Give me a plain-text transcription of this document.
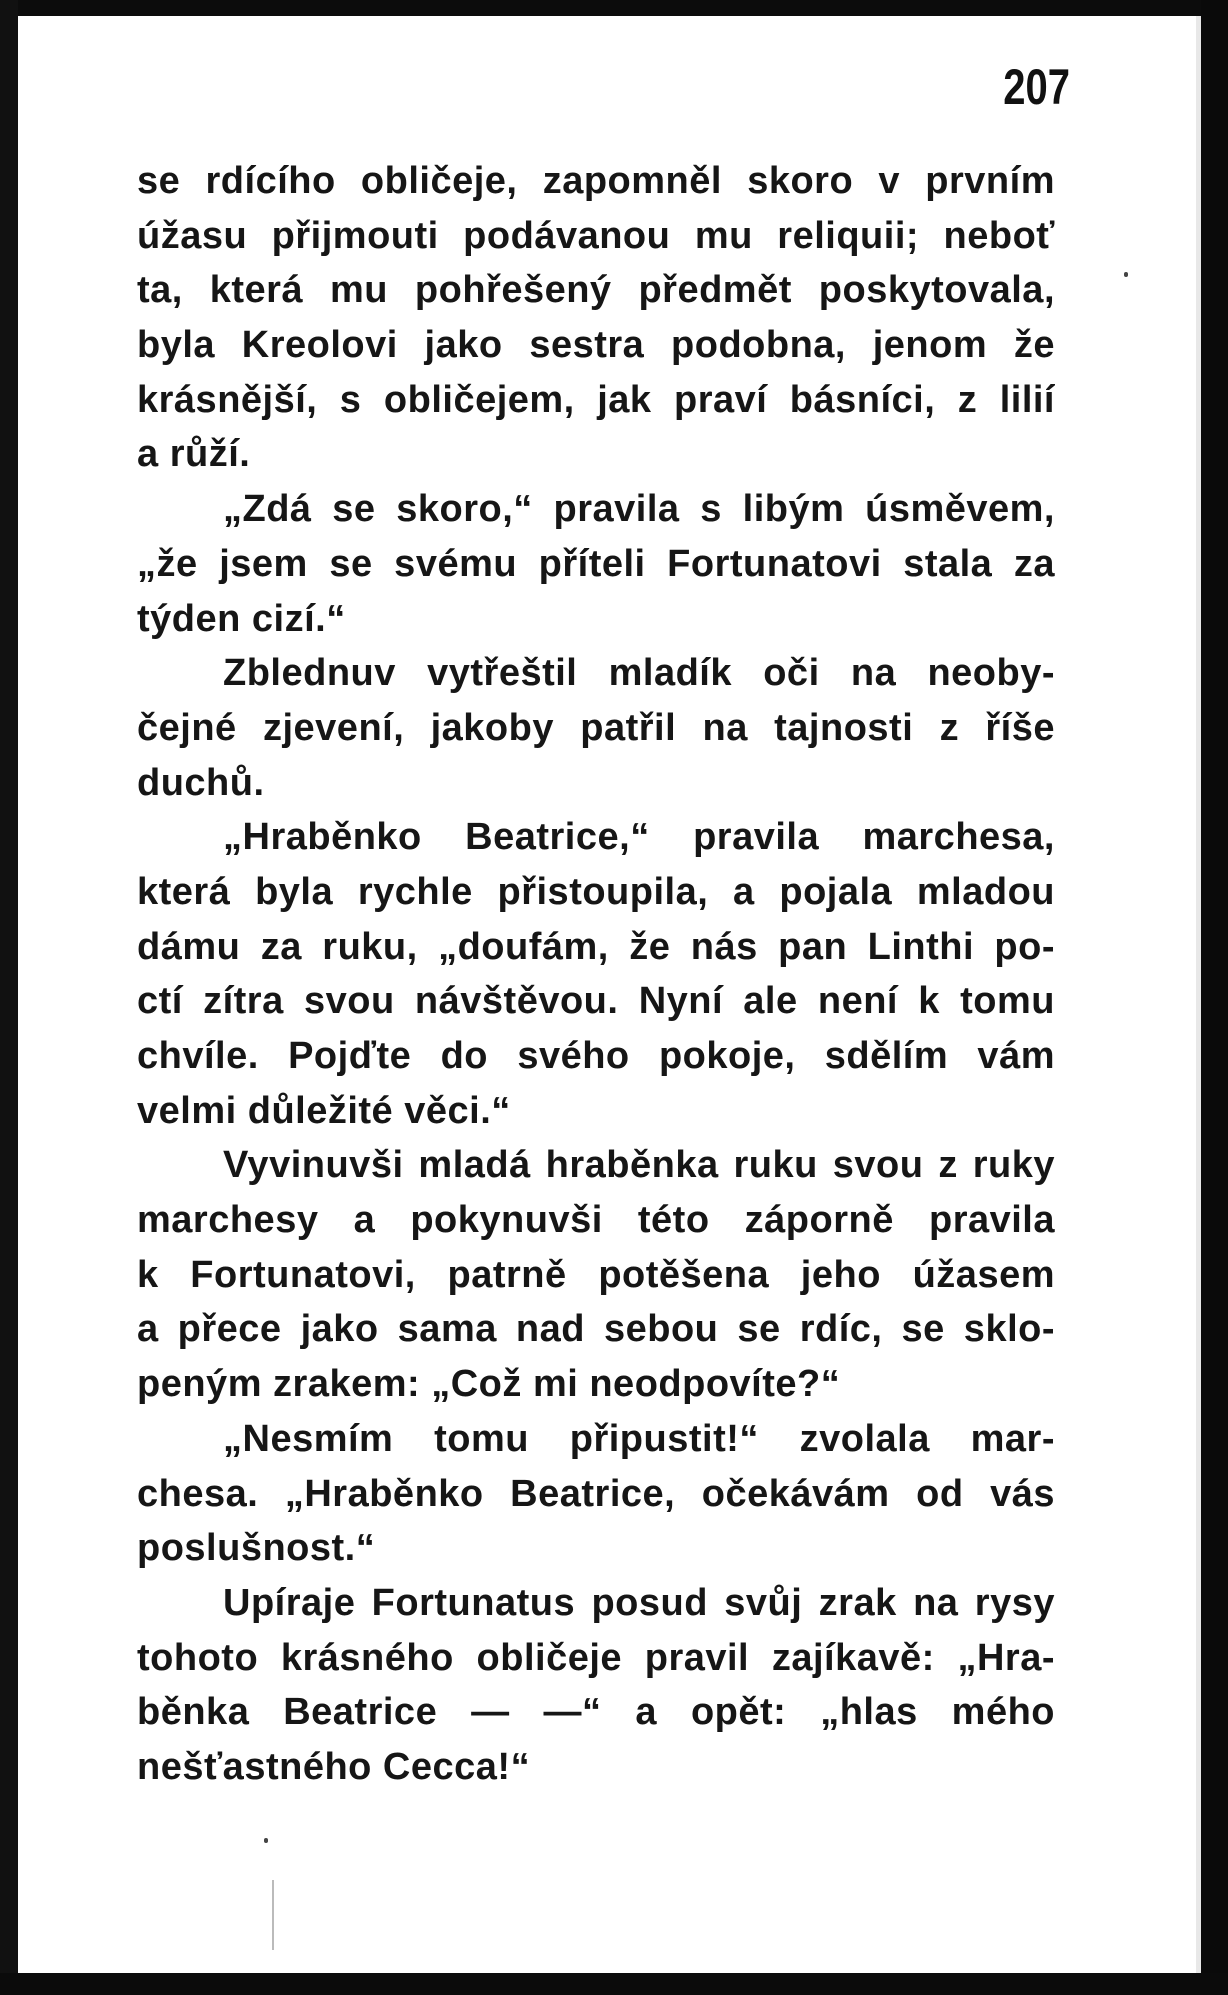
207
se rdícího obličeje, zapomněl skoro v prvním
úžasu přijmouti podávanou mu reliquii; neboť
ta, která mu pohřešený předmět poskytovala,
byla Kreolovi jako sestra podobna, jenom že
krásnější, s obličejem, jak praví básníci, z lilií
a růží.
„Zdá se skoro,“ pravila s libým úsměvem,
„že jsem se svému příteli Fortunatovi stala za
týden cizí.“
Zblednuv vytřeštil mladík oči na neoby-
čejné zjevení, jakoby patřil na tajnosti z říše
duchů.
„Hraběnko Beatrice,“ pravila marchesa,
která byla rychle přistoupila, a pojala mladou
dámu za ruku, „doufám, že nás pan Linthi po-
ctí zítra svou návštěvou. Nyní ale není k tomu
chvíle. Pojďte do svého pokoje, sdělím vám
velmi důležité věci.“
Vyvinuvši mladá hraběnka ruku svou z ruky
marchesy a pokynuvši této záporně pravila
k Fortunatovi, patrně potěšena jeho úžasem
a přece jako sama nad sebou se rdíc, se sklo-
peným zrakem: „Což mi neodpovíte?“
„Nesmím tomu připustit!“ zvolala mar-
chesa. „Hraběnko Beatrice, očekávám od vás
poslušnost.“
Upíraje Fortunatus posud svůj zrak na rysy
tohoto krásného obličeje pravil zajíkavě: „Hra-
běnka Beatrice — —“ a opět: „hlas mého
nešťastného Cecca!“
